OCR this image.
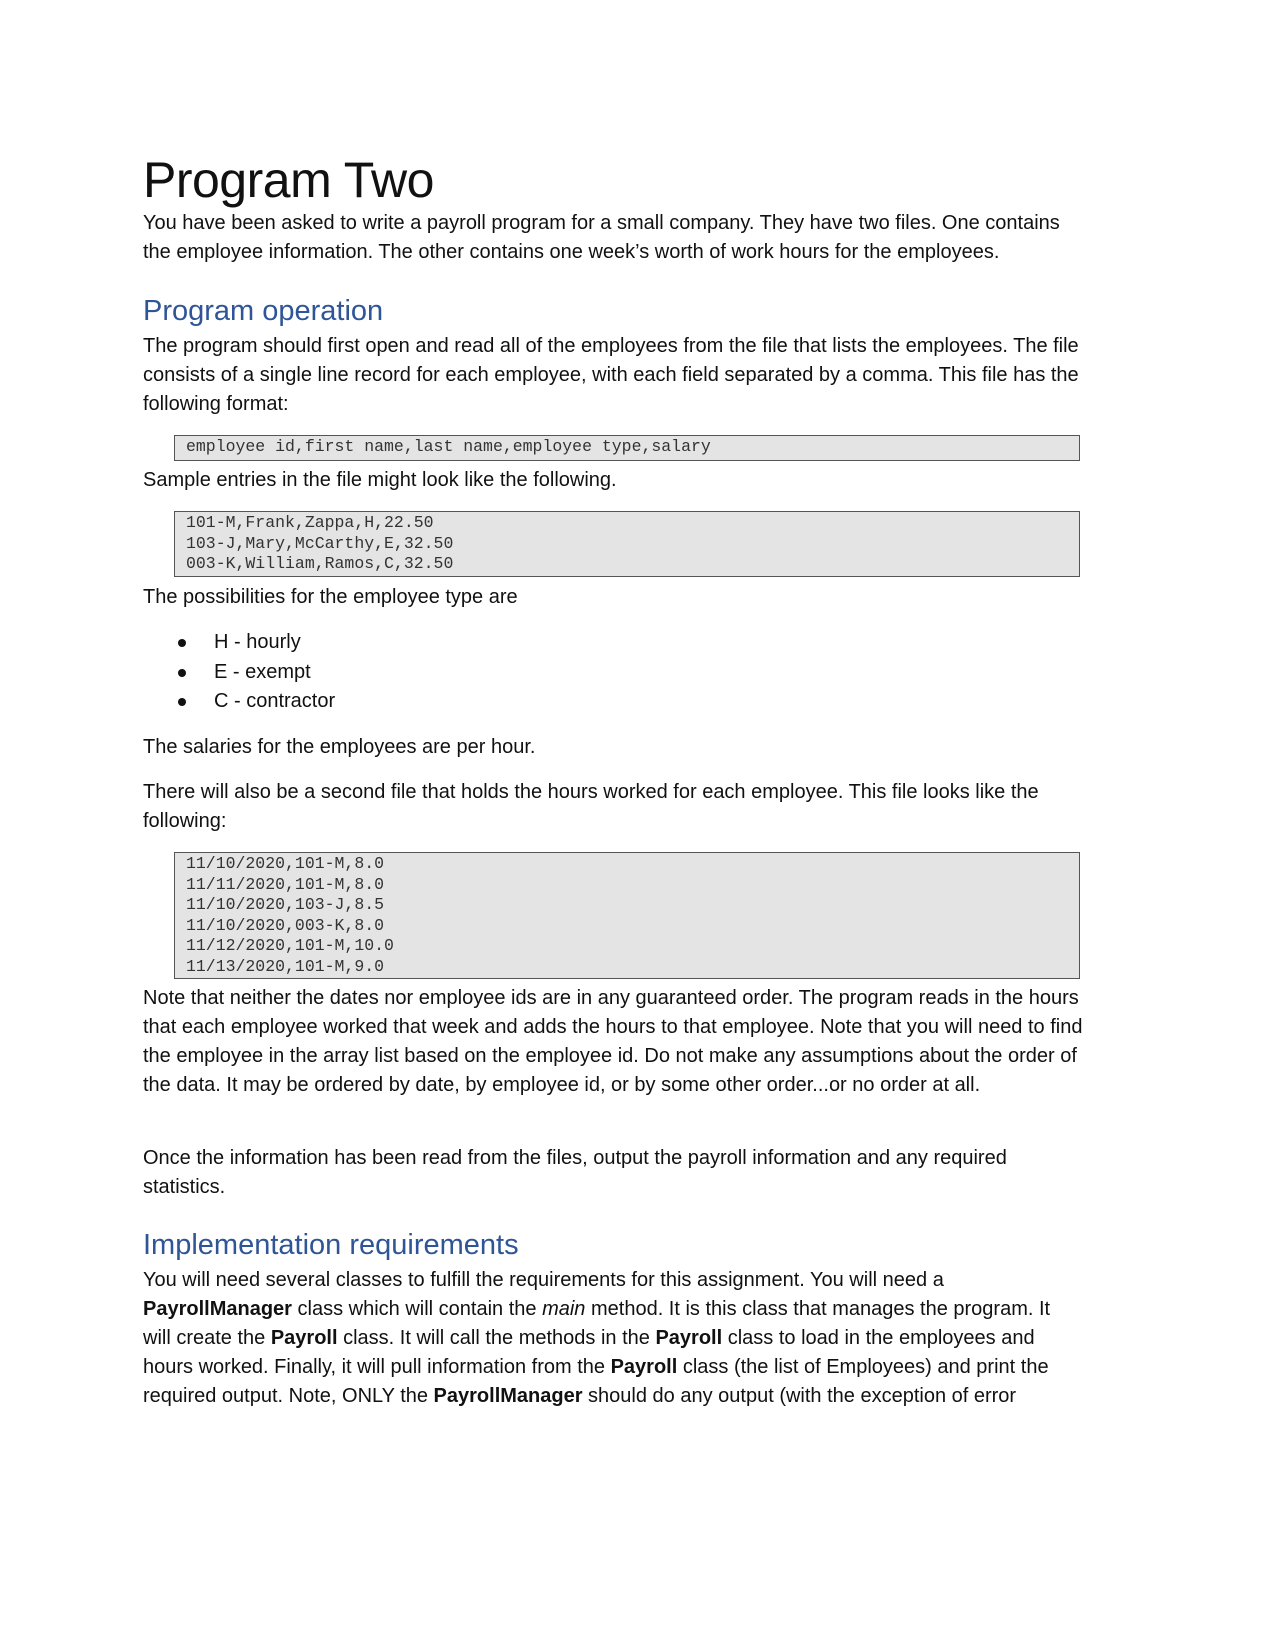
Program Two

You have been asked to write a payroll program for a small company. They have two files. One contains the employee information. The other contains one week’s worth of work hours for the employees.

Program operation

The program should first open and read all of the employees from the file that lists the employees. The file consists of a single line record for each employee, with each field separated by a comma. This file has the following format:

employee id,first name,last name,employee type,salary

Sample entries in the file might look like the following.

101-M,Frank,Zappa,H,22.50
103-J,Mary,McCarthy,E,32.50
003-K,William,Ramos,C,32.50

The possibilities for the employee type are

H - hourly
E - exempt
C - contractor

The salaries for the employees are per hour.

There will also be a second file that holds the hours worked for each employee. This file looks like the following:

11/10/2020,101-M,8.0
11/11/2020,101-M,8.0
11/10/2020,103-J,8.5
11/10/2020,003-K,8.0
11/12/2020,101-M,10.0
11/13/2020,101-M,9.0

Note that neither the dates nor employee ids are in any guaranteed order. The program reads in the hours that each employee worked that week and adds the hours to that employee. Note that you will need to find the employee in the array list based on the employee id. Do not make any assumptions about the order of the data. It may be ordered by date, by employee id, or by some other order...or no order at all.

Once the information has been read from the files, output the payroll information and any required statistics.

Implementation requirements

You will need several classes to fulfill the requirements for this assignment. You will need a PayrollManager class which will contain the main method. It is this class that manages the program. It will create the Payroll class. It will call the methods in the Payroll class to load in the employees and hours worked. Finally, it will pull information from the Payroll class (the list of Employees) and print the required output. Note, ONLY the PayrollManager should do any output (with the exception of error
